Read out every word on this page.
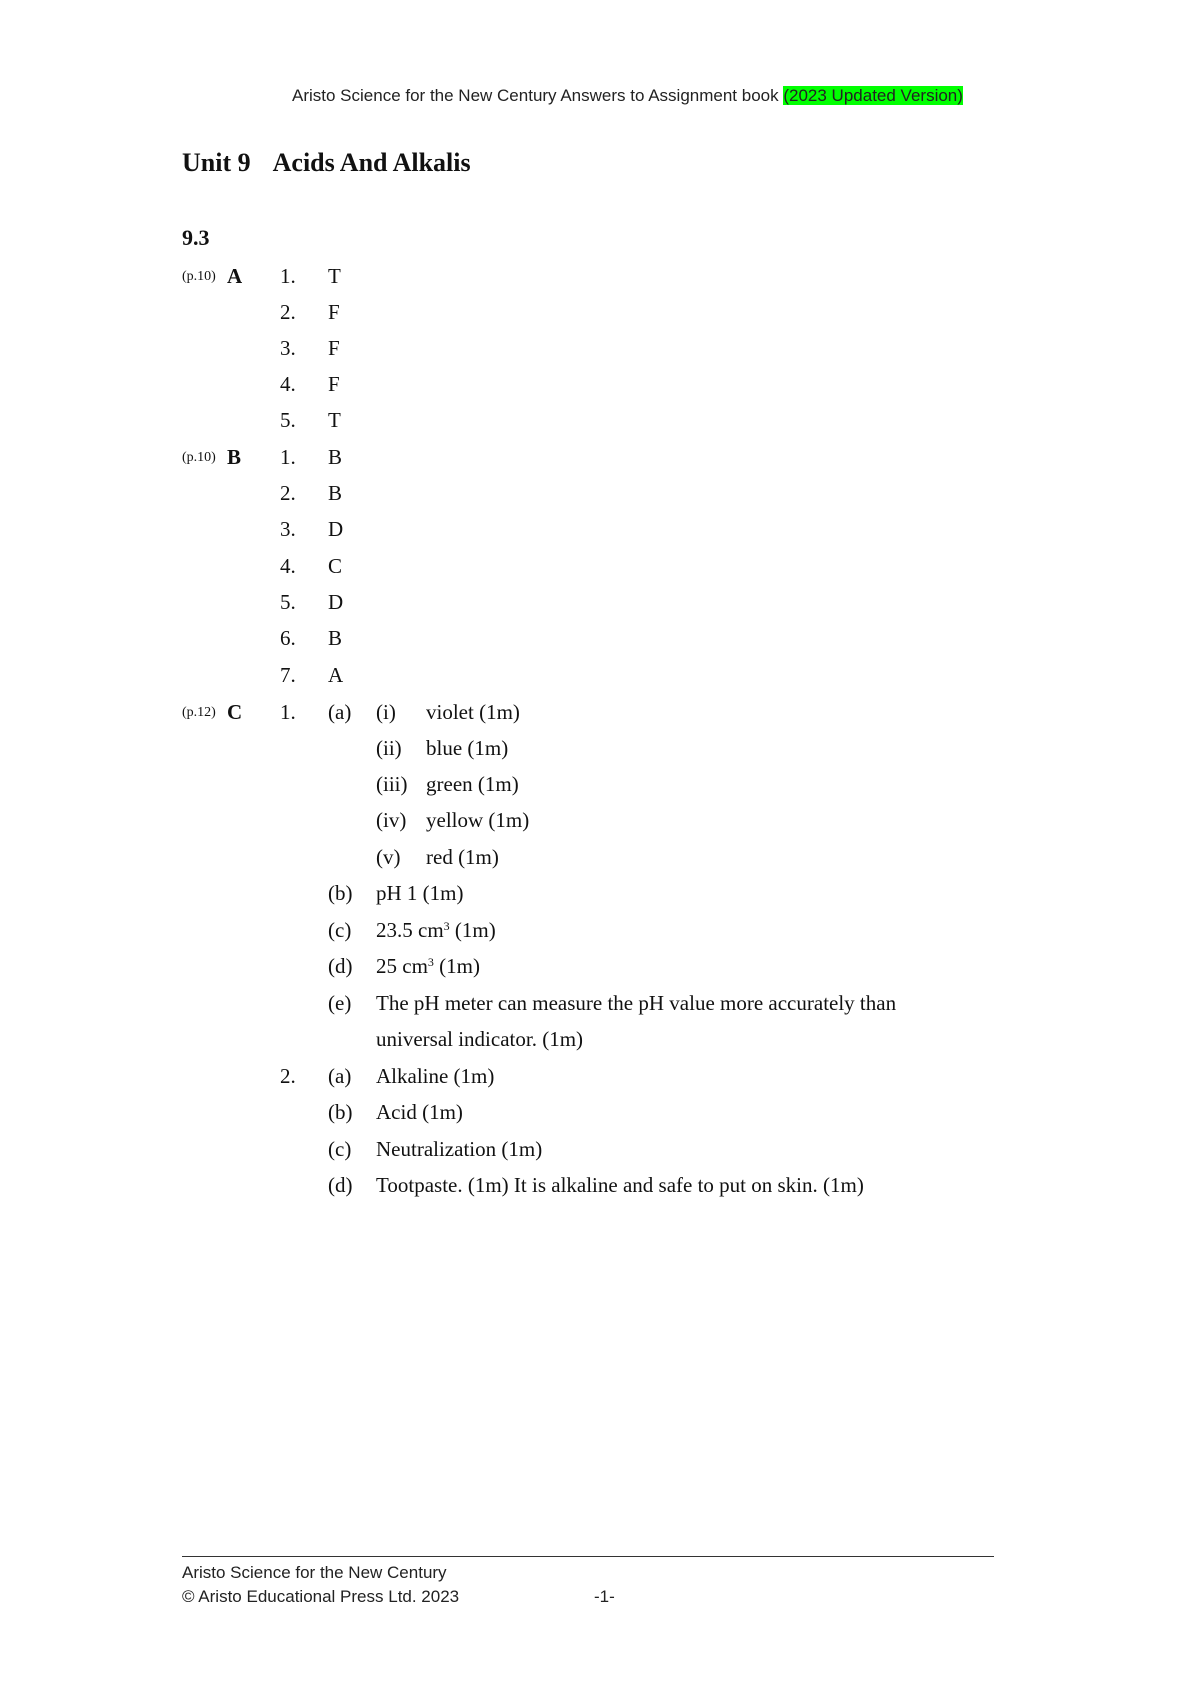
Aristo Science for the New Century Answers to Assignment book (2023 Updated Version)
Unit 9 Acids And Alkalis
9.3
(p.10) A 1. T
2. F
3. F
4. F
5. T
(p.10) B 1. B
2. B
3. D
4. C
5. D
6. B
7. A
(p.12) C 1. (a) (i) violet (1m)
(ii) blue (1m)
(iii) green (1m)
(iv) yellow (1m)
(v) red (1m)
(b) pH 1 (1m)
(c) 23.5 $cm^3$ (1m)
(d) 25 $cm^3$ (1m)
(e) The pH meter can measure the pH value more accurately than
universal indicator. (1m)
2. (a) Alkaline (1m)
(b) Acid (1m)
(c) Neutralization (1m)
(d) Tootpaste. (1m) It is alkaline and safe to put on skin. (1m)
Aristo Science for the New Century
© Aristo Educational Press Ltd. 2023	-1-
